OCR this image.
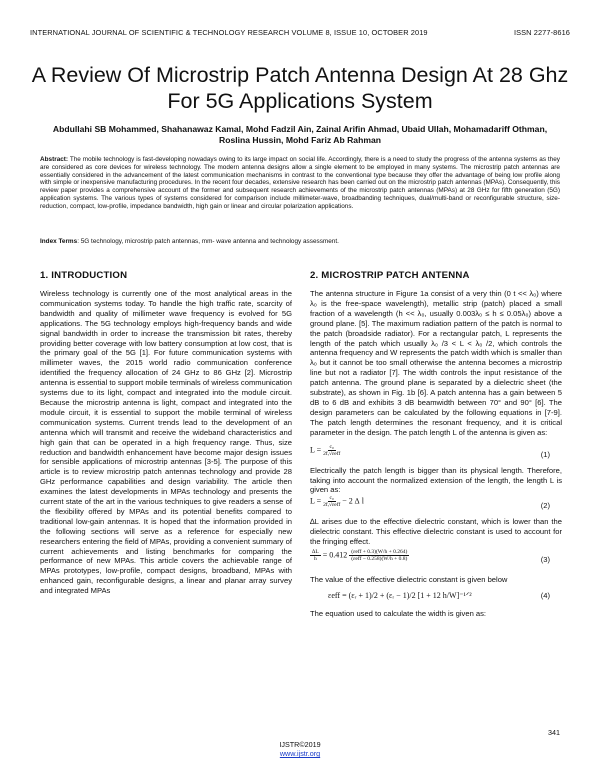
INTERNATIONAL JOURNAL OF SCIENTIFIC & TECHNOLOGY RESEARCH VOLUME 8, ISSUE 10, OCTOBER 2019	ISSN 2277-8616
A Review Of Microstrip Patch Antenna Design At 28 Ghz For 5G Applications System
Abdullahi SB Mohammed, Shahanawaz Kamal, Mohd Fadzil Ain, Zainal Arifin Ahmad, Ubaid Ullah, Mohamadariff Othman, Roslina Hussin, Mohd Fariz Ab Rahman
Abstract: The mobile technology is fast-developing nowadays owing to its large impact on social life. Accordingly, there is a need to study the progress of the antenna systems as they are considered as core devices for wireless technology. The modern antenna designs allow a single element to be employed in many systems. The microstrip patch antennas are essentially considered in the advancement of the latest communication mechanisms in contrast to the conventional type because they offer the advantage of being low profile along with simple or inexpensive manufacturing procedures. In the recent four decades, extensive research has been carried out on the microstrip patch antennas (MPAs). Consequently, this review paper provides a comprehensive account of the former and subsequent research achievements of the microstrip patch antennas (MPAs) at 28 GHz for fifth generation (5G) application systems. The various types of systems considered for comparison include millimeter-wave, broadbanding techniques, dual/multi-band or reconfigurable structure, size-reduction, compact, low-profile, impedance bandwidth, high gain or linear and circular polarization applications.
Index Terms: 5G technology, microstrip patch antennas, mm- wave antenna and technology assessment.
1. INTRODUCTION
Wireless technology is currently one of the most analytical areas in the communication systems today. To handle the high traffic rate, scarcity of bandwidth and quality of millimeter wave frequency is evolved for 5G applications. The 5G technology employs high-frequency bands and wide signal bandwidth in order to increase the transmission bit rates, thereby providing better coverage with low battery consumption at low cost, that is the primary goal of the 5G [1]. For future communication systems with millimeter waves, the 2015 world radio communication conference identified the frequency allocation of 24 GHz to 86 GHz [2]. Microstrip antenna is essential to support mobile terminals of wireless communication systems due to its light, compact and integrated into the module circuit. Because the microstrip antenna is light, compact and integrated into the module circuit, it is essential to support the mobile terminal of wireless communication systems. Current trends lead to the development of an antenna which will transmit and receive the wideband characteristics and high gain that can be operated in a high frequency range. Thus, size reduction and bandwidth enhancement have become major design issues for sensible applications of microstrip antennas [3-5]. The purpose of this article is to review microstrip patch antennas technology and provide 28 GHz performance capabilities and design variability. The article then examines the latest developments in MPAs technology and presents the current state of the art in the various techniques to give readers a sense of the flexibility offered by MPAs and its potential benefits compared to traditional low-gain antennas. It is hoped that the information provided in the following sections will serve as a reference for especially new researchers entering the field of MPAs, providing a convenient summary of current achievements and listing benchmarks for comparing the performance of new MPAs. This article covers the achievable range of MPAs prototypes, low-profile, compact designs, broadband, MPAs with enhanced gain, reconfigurable designs, a linear and planar array survey and integrated MPAs
2. MICROSTRIP PATCH ANTENNA
The antenna structure in Figure 1a consist of a very thin (0 t << λ₀) where λ₀ is the free-space wavelength), metallic strip (patch) placed a small fraction of a wavelength (h << λ₀, usually 0.003λ₀ ≤ h ≤ 0.05λ₀) above a ground plane. [5]. The maximum radiation pattern of the patch is normal to the patch (broadside radiator). For a rectangular patch, L represents the length of the patch which usually λ₀ /3 < L < λ₀ /2, which controls the antenna frequency and W represents the patch width which is smaller than λ₀ but it cannot be too small otherwise the antenna becomes a microstrip line but not a radiator [7]. The width controls the input resistance of the patch antenna. The ground plane is separated by a dielectric sheet (the substrate), as shown in Fig. 1b [6]. A patch antenna has a gain between 5 dB to 6 dB and exhibits 3 dB beamwidth between 70° and 90° [6]. The design parameters can be calculated by the following equations in [7-9]. The patch length determines the resonant frequency, and it is critical parameter in the design. The patch length L of the antenna is given as:
$L = \frac{\text{c₀}}{\text{2fᵣ√εeff}}$	(1)
Electrically the patch length is bigger than its physical length. Therefore, taking into account the normalized extension of the length, the length L is given as:
$L = \frac{\text{c₀}}{\text{2fᵣ√εeff}} - 2$ ∆ l
(2)
∆L arises due to the effective dielectric constant, which is lower than the dielectric constant. This effective dielectric constant is used to account for the fringing effect.
$\frac{\Delta L}{h} = 0.412 \frac{\text{(εeff + 0.3)(W/h + 0.264)}}{\text{(εeff − 0.258)(W/h + 0.8)}}$	(3)
The value of the effective dielectric constant is given below
εeff = (εᵣ + 1)/2 + (εᵣ − 1)/2 [1 + 12 h/W]⁻¹ᐟ²	(4)
The equation used to calculate the width is given as:
341
IJSTR©2019
www.ijstr.org
